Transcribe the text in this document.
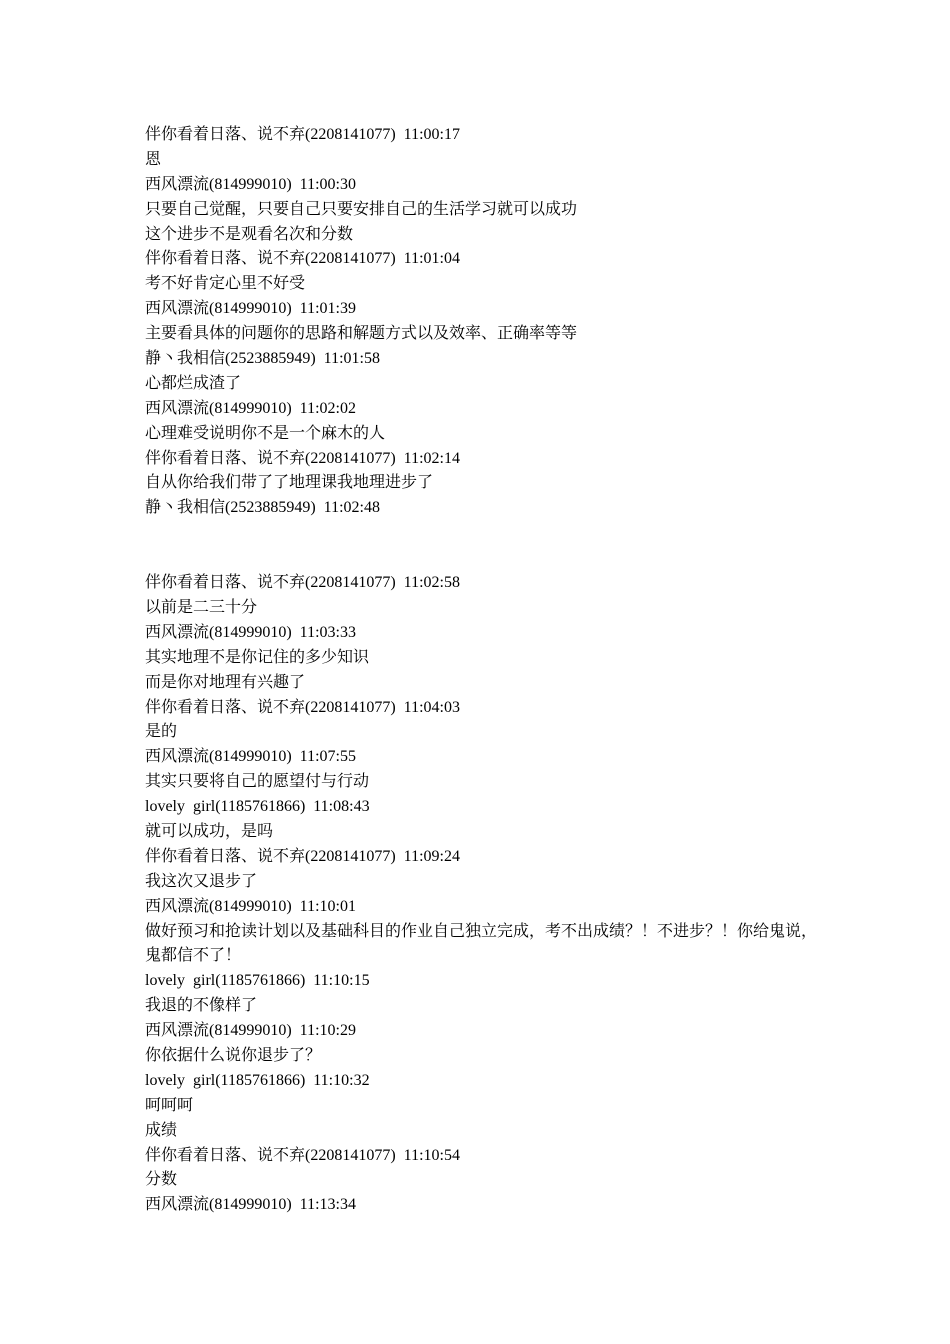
伴你看着日落、说不弃(2208141077)  11:00:17
恩
西风漂流(814999010)  11:00:30
只要自己觉醒，只要自己只要安排自己的生活学习就可以成功
这个进步不是观看名次和分数
伴你看着日落、说不弃(2208141077)  11:01:04
考不好肯定心里不好受
西风漂流(814999010)  11:01:39
主要看具体的问题你的思路和解题方式以及效率、正确率等等
静丶我相信(2523885949)  11:01:58
心都烂成渣了
西风漂流(814999010)  11:02:02
心理难受说明你不是一个麻木的人
伴你看着日落、说不弃(2208141077)  11:02:14
自从你给我们带了了地理课我地理进步了
静丶我相信(2523885949)  11:02:48
伴你看着日落、说不弃(2208141077)  11:02:58
以前是二三十分
西风漂流(814999010)  11:03:33
其实地理不是你记住的多少知识
而是你对地理有兴趣了
伴你看着日落、说不弃(2208141077)  11:04:03
是的
西风漂流(814999010)  11:07:55
其实只要将自己的愿望付与行动
lovely  girl(1185761866)  11:08:43
就可以成功，是吗
伴你看着日落、说不弃(2208141077)  11:09:24
我这次又退步了
西风漂流(814999010)  11:10:01
做好预习和抢读计划以及基础科目的作业自己独立完成，考不出成绩？！不进步？！你给鬼说，鬼都信不了！
lovely  girl(1185761866)  11:10:15
我退的不像样了
西风漂流(814999010)  11:10:29
你依据什么说你退步了？
lovely  girl(1185761866)  11:10:32
呵呵呵
成绩
伴你看着日落、说不弃(2208141077)  11:10:54
分数
西风漂流(814999010)  11:13:34
